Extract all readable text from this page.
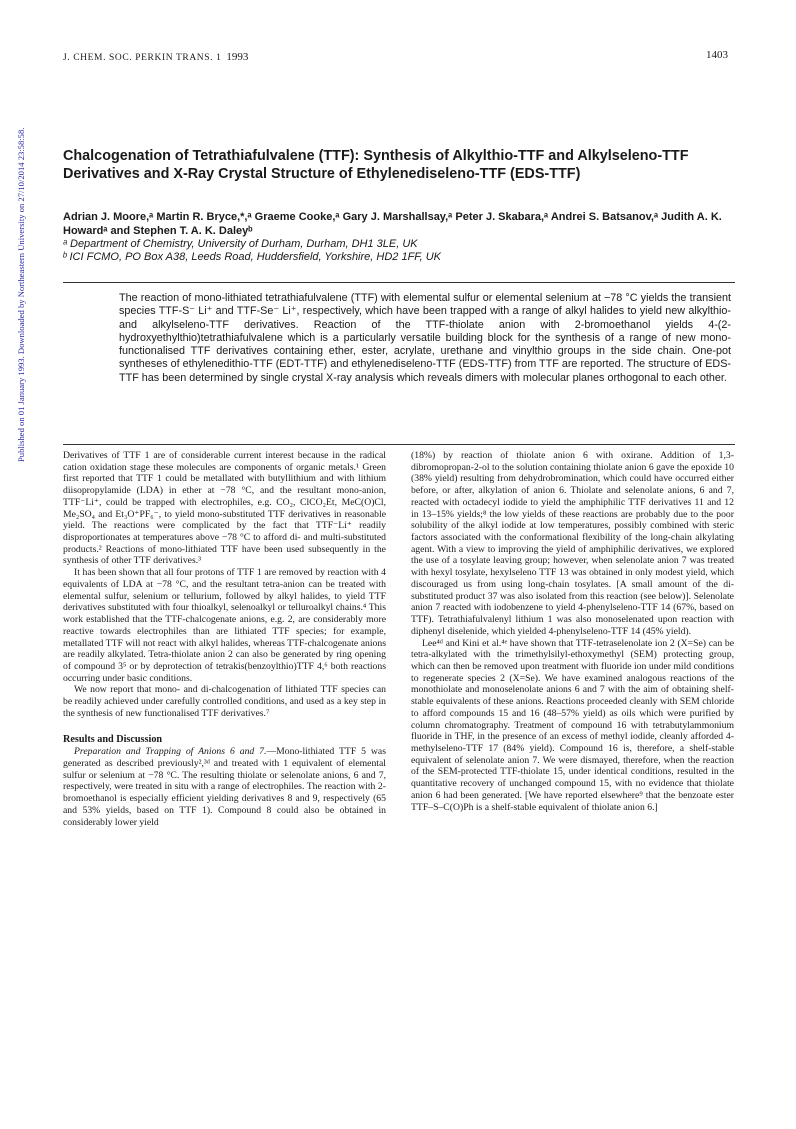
J. CHEM. SOC. PERKIN TRANS. 1 1993	1403
Chalcogenation of Tetrathiafulvalene (TTF): Synthesis of Alkylthio-TTF and Alkylseleno-TTF Derivatives and X-Ray Crystal Structure of Ethylenediseleno-TTF (EDS-TTF)
Adrian J. Moore,ᵃ Martin R. Bryce,*,ᵃ Graeme Cooke,ᵃ Gary J. Marshallsay,ᵃ Peter J. Skabara,ᵃ Andrei S. Batsanov,ᵃ Judith A. K. Howardᵃ and Stephen T. A. K. Daleyᵇ
ᵃ Department of Chemistry, University of Durham, Durham, DH1 3LE, UK
ᵇ ICI FCMO, PO Box A38, Leeds Road, Huddersfield, Yorkshire, HD2 1FF, UK

The reaction of mono-lithiated tetrathiafulvalene (TTF) with elemental sulfur or elemental selenium at −78 °C yields the transient species TTF-S⁻ Li⁺ and TTF-Se⁻ Li⁺, respectively, which have been trapped with a range of alkyl halides to yield new alkylthio- and alkylseleno-TTF derivatives. Reaction of the TTF-thiolate anion with 2-bromoethanol yields 4-(2-hydroxyethylthio)tetrathiafulvalene which is a particularly versatile building block for the synthesis of a range of new mono-functionalised TTF derivatives containing ether, ester, acrylate, urethane and vinylthio groups in the side chain. One-pot syntheses of ethylenedithio-TTF (EDT-TTF) and ethylenediseleno-TTF (EDS-TTF) from TTF are reported. The structure of EDS-TTF has been determined by single crystal X-ray analysis which reveals dimers with molecular planes orthogonal to each other.

Derivatives of TTF 1 are of considerable current interest because in the radical cation oxidation stage these molecules are components of organic metals.¹ Green first reported that TTF 1 could be metallated with butyllithium and with lithium diisopropylamide (LDA) in ether at −78 °C, and the resultant mono-anion, TTF⁻Li⁺, could be trapped with electrophiles, e.g. CO₂, ClCO₂Et, MeC(O)Cl, Me₂SO₄ and Et₃O⁺PF₆⁻, to yield mono-substituted TTF derivatives in reasonable yield. The reactions were complicated by the fact that TTF⁻Li⁺ readily disproportionates at temperatures above −78 °C to afford di- and multi-substituted products.² Reactions of mono-lithiated TTF have been used subsequently in the synthesis of other TTF derivatives.³

It has been shown that all four protons of TTF 1 are removed by reaction with 4 equivalents of LDA at −78 °C, and the resultant tetra-anion can be treated with elemental sulfur, selenium or tellurium, followed by alkyl halides, to yield TTF derivatives substituted with four thioalkyl, selenoalkyl or telluroalkyl chains.⁴ This work established that the TTF-chalcogenate anions, e.g. 2, are considerably more reactive towards electrophiles than are lithiated TTF species; for example, metallated TTF will not react with alkyl halides, whereas TTF-chalcogenate anions are readily alkylated. Tetra-thiolate anion 2 can also be generated by ring opening of compound 3⁵ or by deprotection of tetrakis(benzoylthio)TTF 4,⁶ both reactions occurring under basic conditions.

We now report that mono- and di-chalcogenation of lithiated TTF species can be readily achieved under carefully controlled conditions, and used as a key step in the synthesis of new functionalised TTF derivatives.⁷

Results and Discussion

Preparation and Trapping of Anions 6 and 7.—Mono-lithiated TTF 5 was generated as described previously²,³ᵈ and treated with 1 equivalent of elemental sulfur or selenium at −78 °C. The resulting thiolate or selenolate anions, 6 and 7, respectively, were treated in situ with a range of electrophiles. The reaction with 2-bromoethanol is especially efficient yielding derivatives 8 and 9, respectively (65 and 53% yields, based on TTF 1). Compound 8 could also be obtained in considerably lower yield

(18%) by reaction of thiolate anion 6 with oxirane. Addition of 1,3-dibromopropan-2-ol to the solution containing thiolate anion 6 gave the epoxide 10 (38% yield) resulting from dehydrobromination, which could have occurred either before, or after, alkylation of anion 6. Thiolate and selenolate anions, 6 and 7, reacted with octadecyl iodide to yield the amphiphilic TTF derivatives 11 and 12 in 13–15% yields;⁸ the low yields of these reactions are probably due to the poor solubility of the alkyl iodide at low temperatures, possibly combined with steric factors associated with the conformational flexibility of the long-chain alkylating agent. With a view to improving the yield of amphiphilic derivatives, we explored the use of a tosylate leaving group; however, when selenolate anion 7 was treated with hexyl tosylate, hexylseleno TTF 13 was obtained in only modest yield, which discouraged us from using long-chain tosylates. [A small amount of the di-substituted product 37 was also isolated from this reaction (see below)]. Selenolate anion 7 reacted with iodobenzene to yield 4-phenylseleno-TTF 14 (67%, based on TTF). Tetrathiafulvalenyl lithium 1 was also monoselenated upon reaction with diphenyl diselenide, which yielded 4-phenylseleno-TTF 14 (45% yield).

Lee⁴ᵈ and Kini et al.⁴ᵉ have shown that TTF-tetraselenolate ion 2 (X=Se) can be tetra-alkylated with the trimethylsilyl-ethoxymethyl (SEM) protecting group, which can then be removed upon treatment with fluoride ion under mild conditions to regenerate species 2 (X=Se). We have examined analogous reactions of the monothiolate and monoselenolate anions 6 and 7 with the aim of obtaining shelf-stable equivalents of these anions. Reactions proceeded cleanly with SEM chloride to afford compounds 15 and 16 (48–57% yield) as oils which were purified by column chromatography. Treatment of compound 16 with tetrabutylammonium fluoride in THF, in the presence of an excess of methyl iodide, cleanly afforded 4-methylseleno-TTF 17 (84% yield). Compound 16 is, therefore, a shelf-stable equivalent of selenolate anion 7. We were dismayed, therefore, when the reaction of the SEM-protected TTF-thiolate 15, under identical conditions, resulted in the quantitative recovery of unchanged compound 15, with no evidence that thiolate anion 6 had been generated. [We have reported elsewhere⁹ that the benzoate ester TTF–S–C(O)Ph is a shelf-stable equivalent of thiolate anion 6.]

Published on 01 January 1993. Downloaded by Northeastern University on 27/10/2014 23:58:58.
